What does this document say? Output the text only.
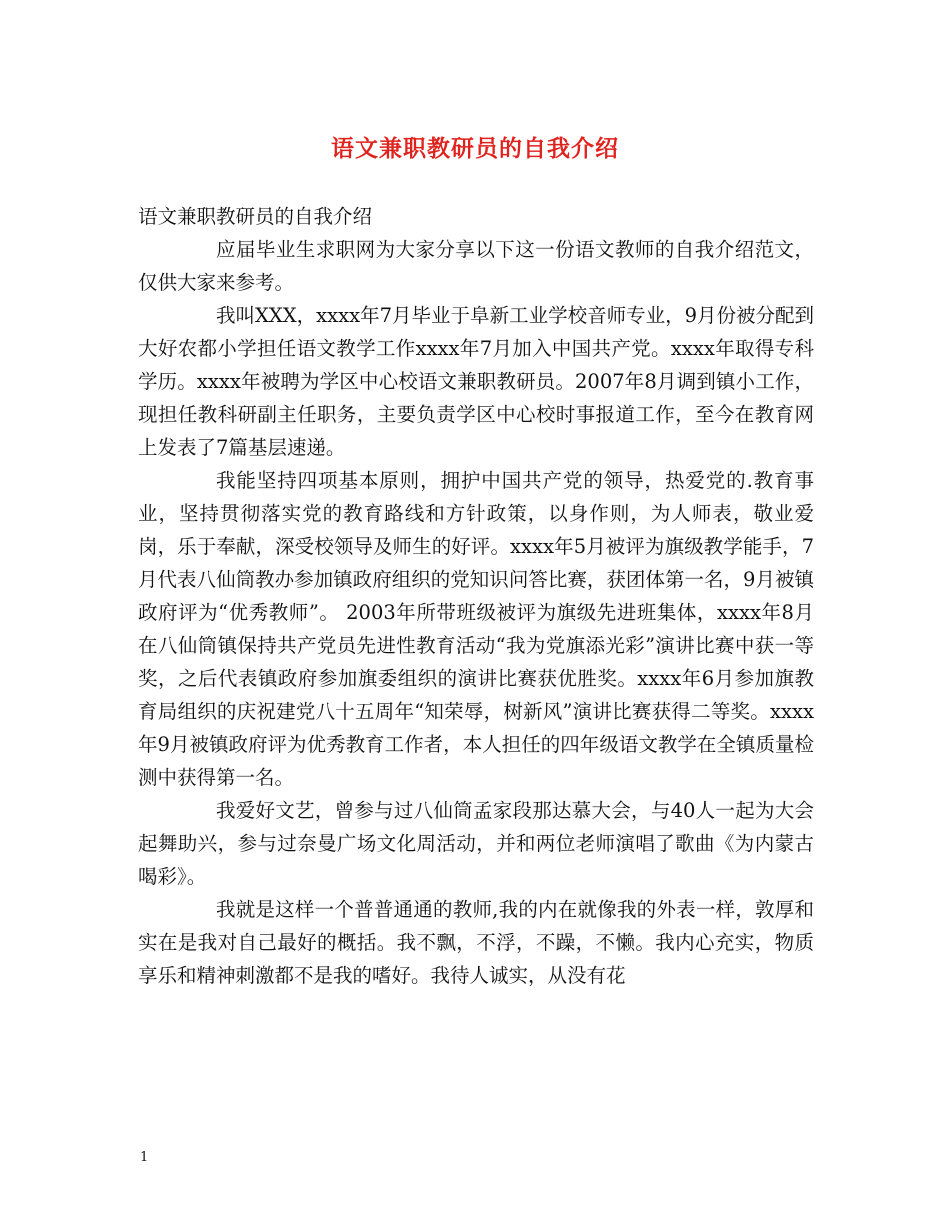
语文兼职教研员的自我介绍

语文兼职教研员的自我介绍

应届毕业生求职网为大家分享以下这一份语文教师的自我介绍范文，仅供大家来参考。

我叫XXX，xxxx年7月毕业于阜新工业学校音师专业，9月份被分配到大好农都小学担任语文教学工作xxxx年7月加入中国共产党。xxxx年取得专科学历。xxxx年被聘为学区中心校语文兼职教研员。2007年8月调到镇小工作，现担任教科研副主任职务，主要负责学区中心校时事报道工作，至今在教育网上发表了7篇基层速递。

我能坚持四项基本原则，拥护中国共产党的领导，热爱党的.教育事业，坚持贯彻落实党的教育路线和方针政策，以身作则，为人师表，敬业爱岗，乐于奉献，深受校领导及师生的好评。xxxx年5月被评为旗级教学能手，7月代表八仙筒教办参加镇政府组织的党知识问答比赛，获团体第一名，9月被镇政府评为“优秀教师”。 2003年所带班级被评为旗级先进班集体，xxxx年8月在八仙筒镇保持共产党员先进性教育活动“我为党旗添光彩”演讲比赛中获一等奖，之后代表镇政府参加旗委组织的演讲比赛获优胜奖。xxxx年6月参加旗教育局组织的庆祝建党八十五周年“知荣辱，树新风”演讲比赛获得二等奖。xxxx年9月被镇政府评为优秀教育工作者，本人担任的四年级语文教学在全镇质量检测中获得第一名。

我爱好文艺，曾参与过八仙筒孟家段那达慕大会，与40人一起为大会起舞助兴，参与过奈曼广场文化周活动，并和两位老师演唱了歌曲《为内蒙古喝彩》。

我就是这样一个普普通通的教师,我的内在就像我的外表一样，敦厚和实在是我对自己最好的概括。我不飘，不浮，不躁，不懒。我内心充实，物质享乐和精神刺激都不是我的嗜好。我待人诚实，从没有花

1
